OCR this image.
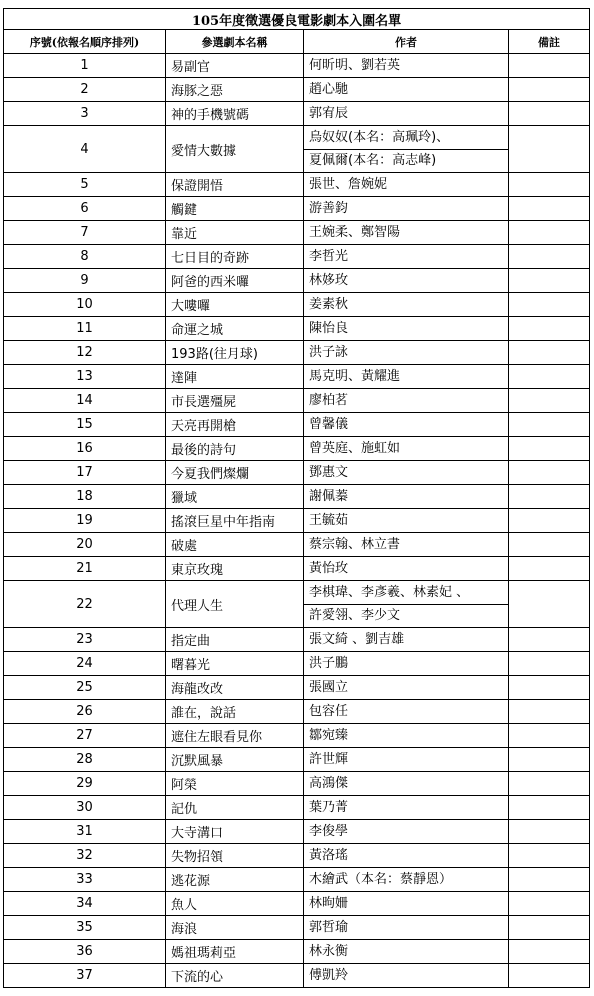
105年度徵選優良電影劇本入圍名單			
序號(依報名順序排列)	參選劇本名稱	作者	備註
1	易副官	何昕明、劉若英	

2	海豚之惡	趙心馳	

3	神的手機號碼	郭宥辰	

4	愛情大數據	烏奴奴(本名：高珮玲)、
夏佩爾(本名：高志峰)	

5	保證開悟	張世、詹婉妮	

6	觸鍵	游善鈞	

7	靠近	王婉柔、鄭智陽	

8	七日目的奇跡	李哲光	

9	阿爸的西米囉	林姼玫	

10	大嘍囉	姜素秋	

11	命運之城	陳怡良	

12	193路(往月球)	洪子詠	

13	達陣	馬克明、黃耀進	

14	市長選殭屍	廖柏茗	

15	天亮再開槍	曾馨儀	

16	最後的詩句	曾英庭、施虹如	

17	今夏我們燦爛	鄧惠文	

18	獵域	謝佩蓁	

19	搖滾巨星中年指南	王毓茹	

20	破處	蔡宗翰、林立書	

21	東京玫瑰	黃怡玫	

22	代理人生	李棋瑋、李彥羲、林素妃 、
許愛翎、李少文	

23	指定曲	張文綺 、劉吉雄	

24	曙暮光	洪子鵬	

25	海龍改改	張國立	

26	誰在，說話	包容任	

27	遮住左眼看見你	鄒宛臻	

28	沉默風暴	許世輝	

29	阿榮	高鴻傑	

30	記仇	葉乃菁	

31	大寺溝口	李俊學	

32	失物招領	黃洛瑤	

33	逃花源	木繪武（本名：蔡靜恩）	

34	魚人	林昫姍	

35	海浪	郭哲瑜	

36	媽祖瑪莉亞	林永衡	

37	下流的心	傅凱羚	
